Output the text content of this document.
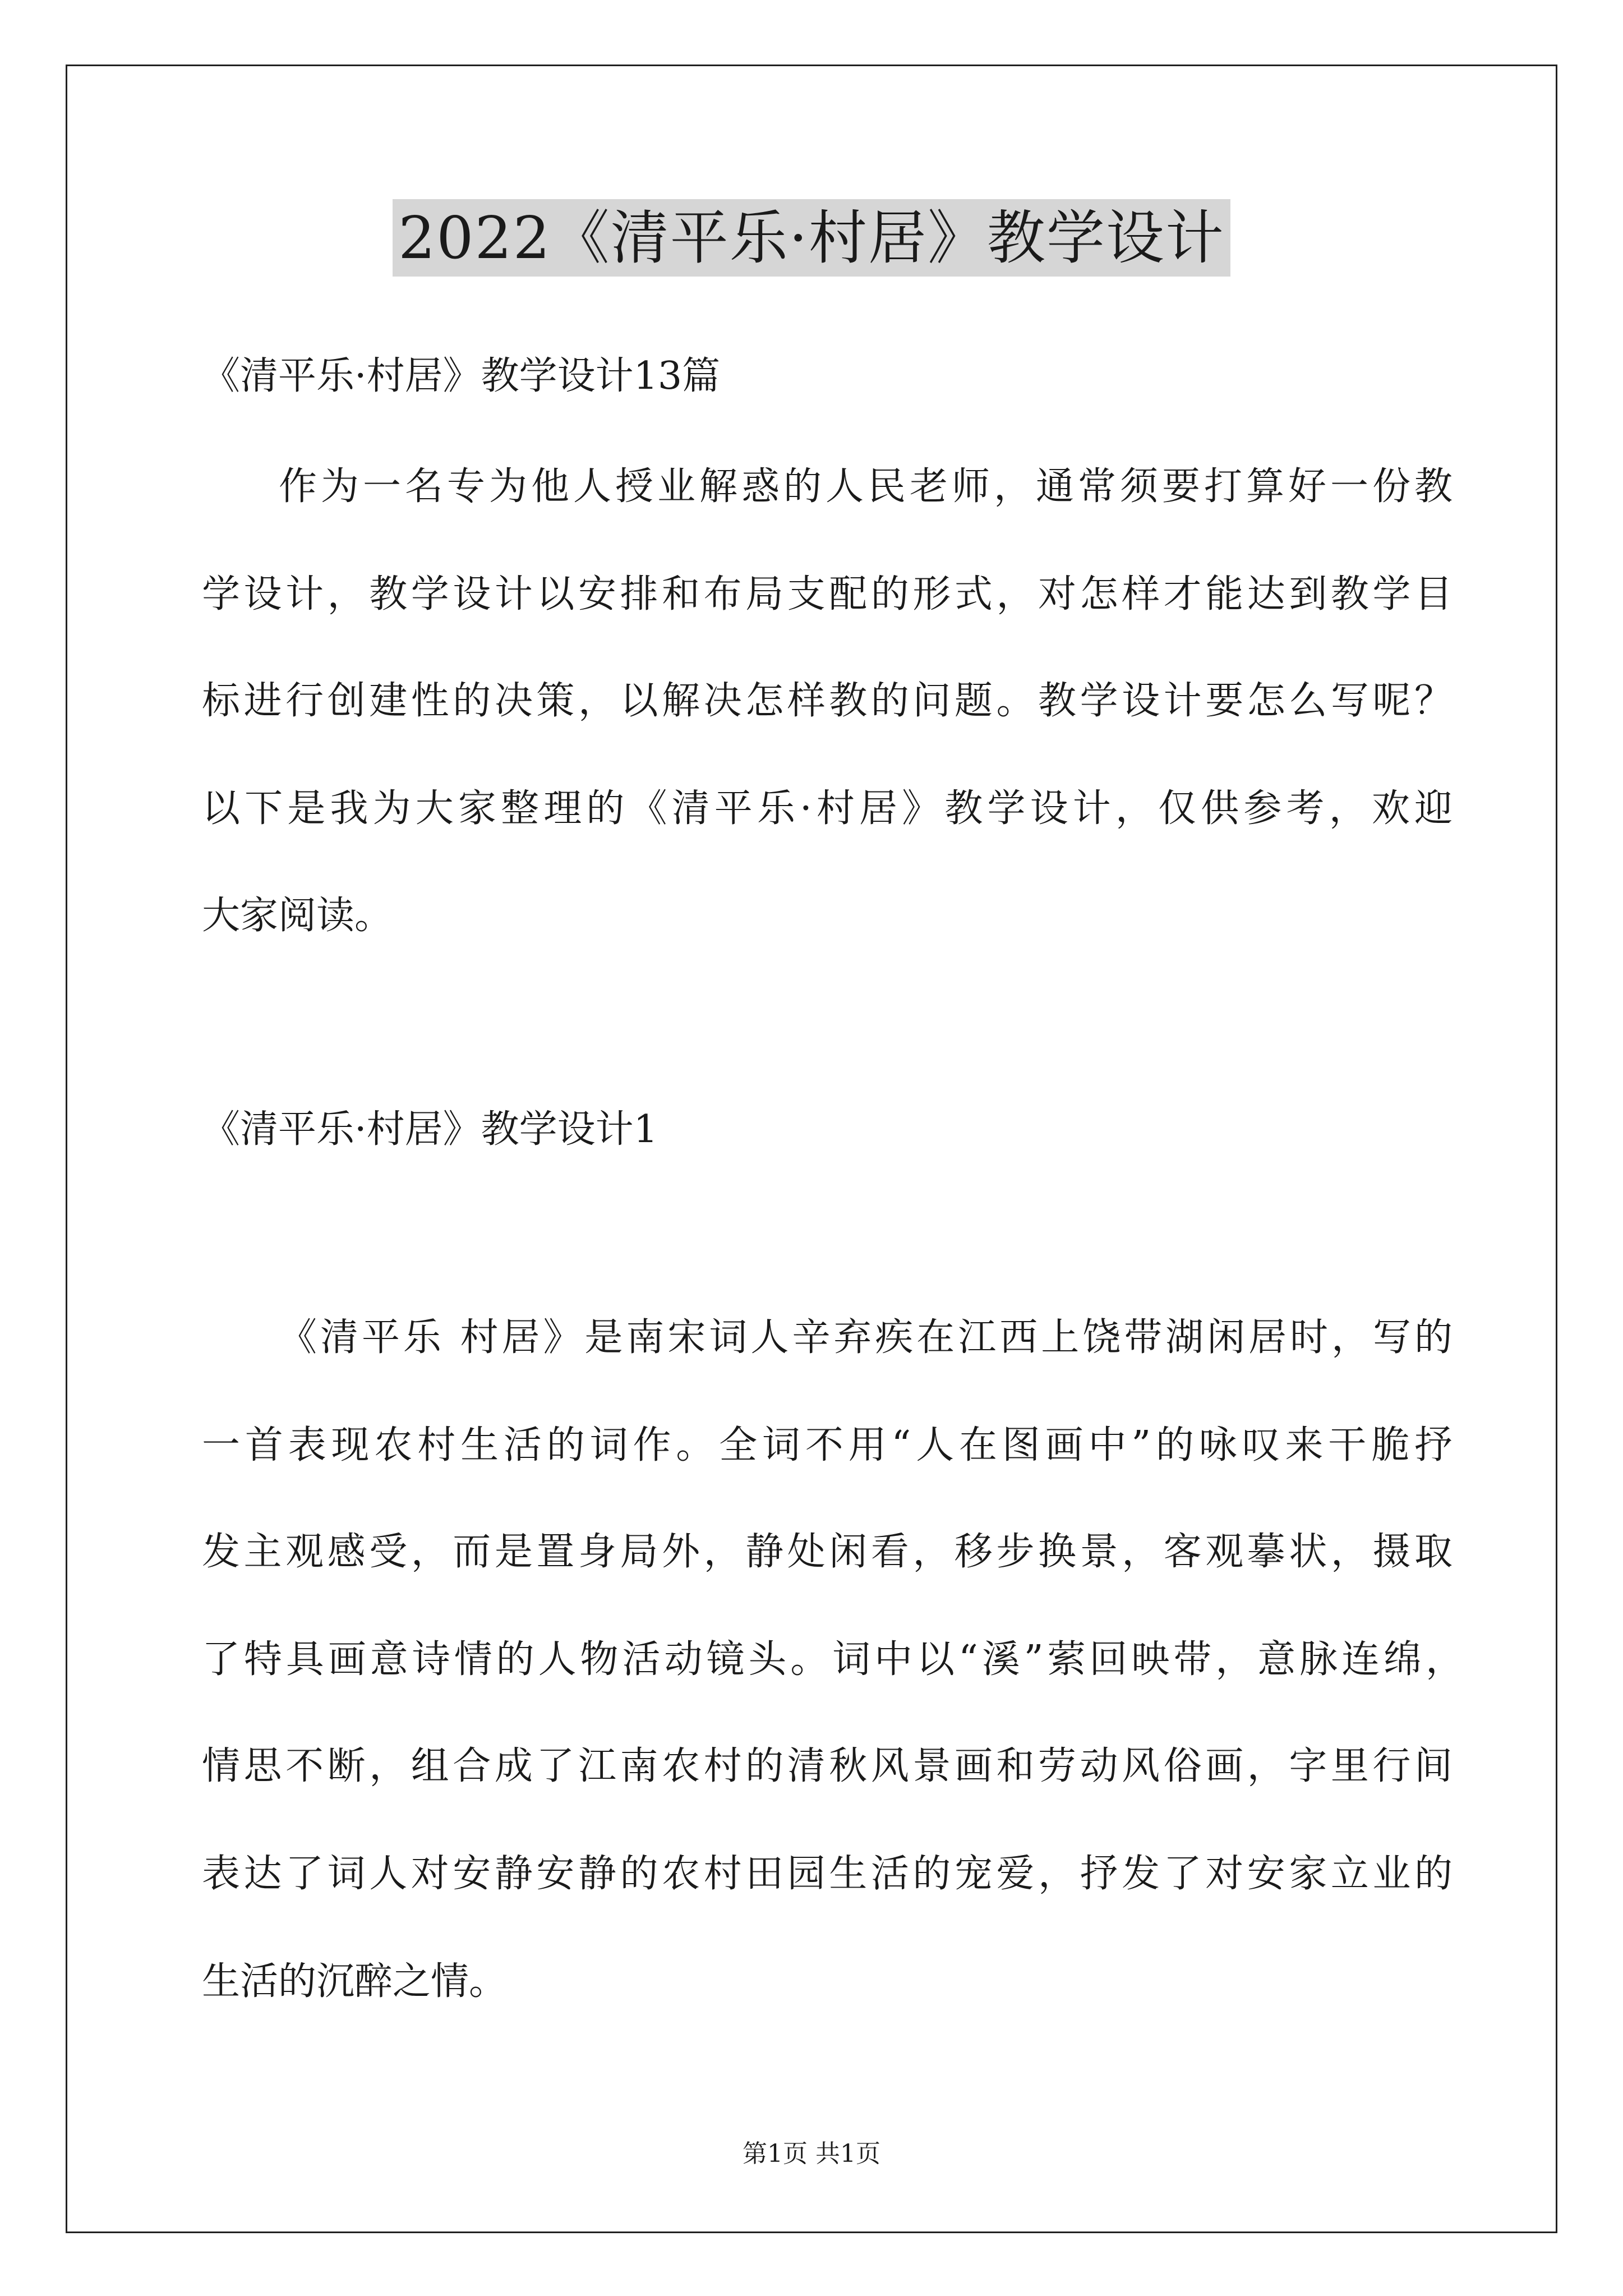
2022《清平乐·村居》教学设计
《清平乐·村居》教学设计13篇
作为一名专为他人授业解惑的人民老师，通常须要打算好一份教
学设计，教学设计以安排和布局支配的形式，对怎样才能达到教学目
标进行创建性的决策，以解决怎样教的问题。教学设计要怎么写呢？
以下是我为大家整理的《清平乐·村居》教学设计，仅供参考，欢迎
大家阅读。
《清平乐·村居》教学设计1
《清平乐 村居》是南宋词人辛弃疾在江西上饶带湖闲居时，写的
一首表现农村生活的词作。全词不用“人在图画中”的咏叹来干脆抒
发主观感受，而是置身局外，静处闲看，移步换景，客观摹状，摄取
了特具画意诗情的人物活动镜头。词中以“溪”萦回映带，意脉连绵，
情思不断，组合成了江南农村的清秋风景画和劳动风俗画，字里行间
表达了词人对安静安静的农村田园生活的宠爱，抒发了对安家立业的
生活的沉醉之情。
第1页 共1页
